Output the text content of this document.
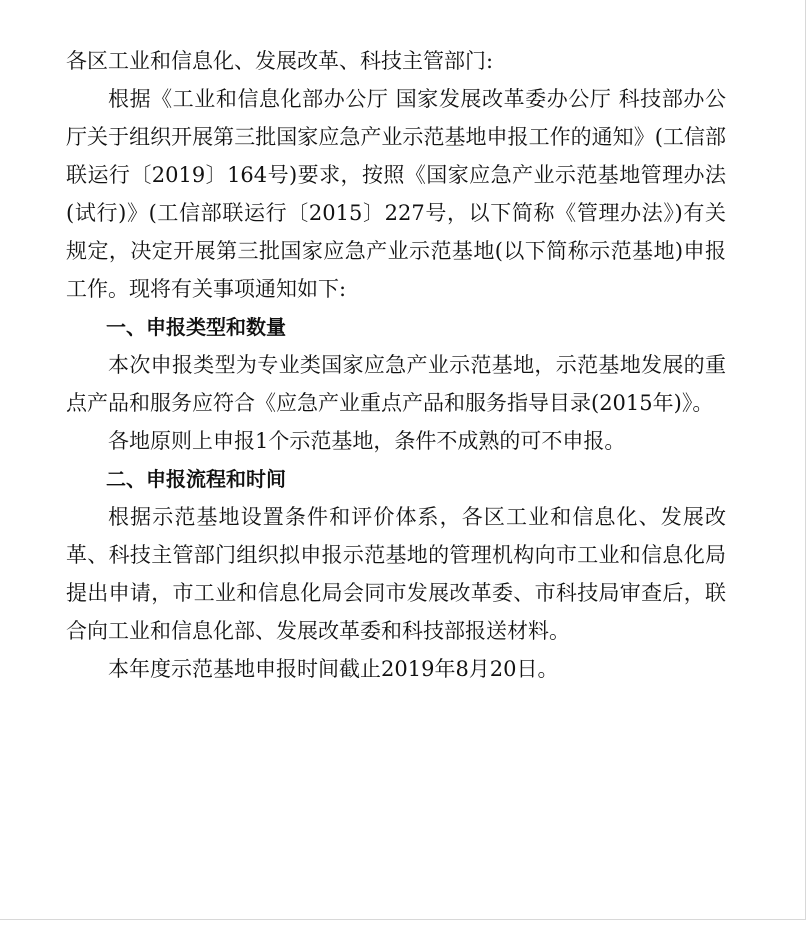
各区工业和信息化、发展改革、科技主管部门:

根据《工业和信息化部办公厅 国家发展改革委办公厅 科技部办公厅关于组织开展第三批国家应急产业示范基地申报工作的通知》(工信部联运行〔2019〕164号)要求，按照《国家应急产业示范基地管理办法(试行)》(工信部联运行〔2015〕227号，以下简称《管理办法》)有关规定，决定开展第三批国家应急产业示范基地(以下简称示范基地)申报工作。现将有关事项通知如下:

一、申报类型和数量

本次申报类型为专业类国家应急产业示范基地，示范基地发展的重点产品和服务应符合《应急产业重点产品和服务指导目录(2015年)》。

各地原则上申报1个示范基地，条件不成熟的可不申报。

二、申报流程和时间

根据示范基地设置条件和评价体系，各区工业和信息化、发展改革、科技主管部门组织拟申报示范基地的管理机构向市工业和信息化局提出申请，市工业和信息化局会同市发展改革委、市科技局审查后，联合向工业和信息化部、发展改革委和科技部报送材料。

本年度示范基地申报时间截止2019年8月20日。
